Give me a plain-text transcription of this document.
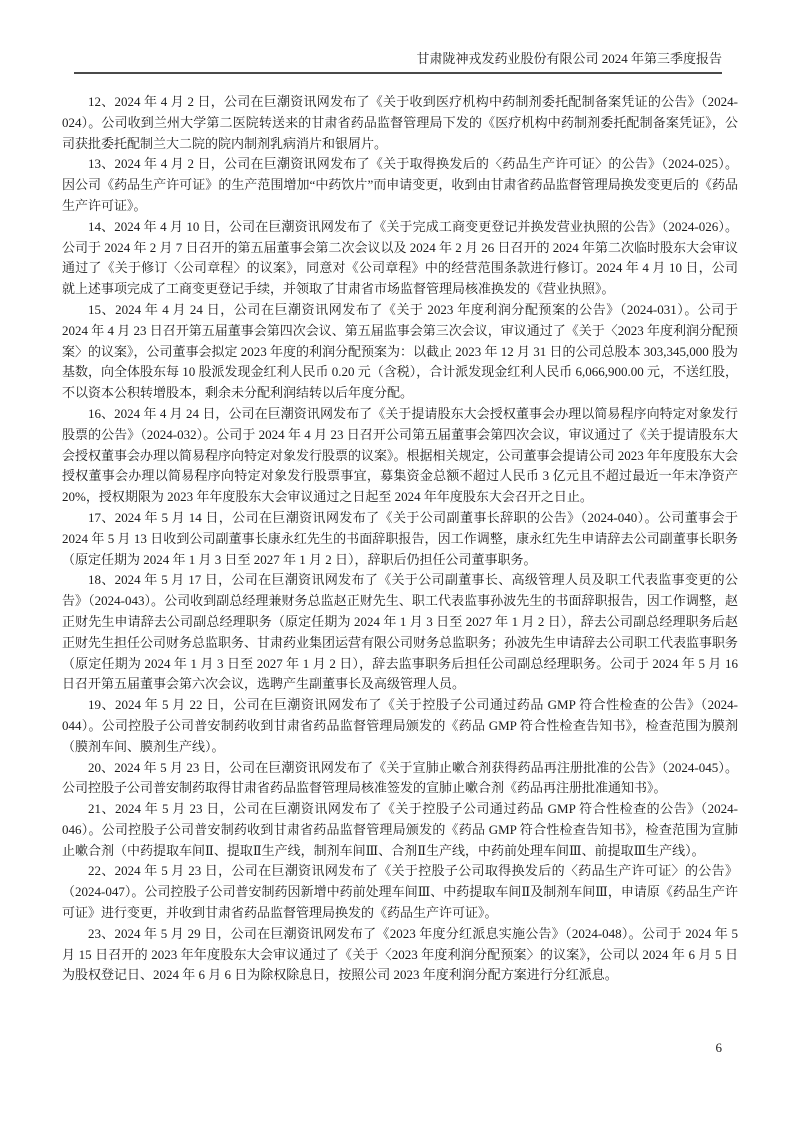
甘肃陇神戎发药业股份有限公司 2024 年第三季度报告

12、2024 年 4 月 2 日，公司在巨潮资讯网发布了《关于收到医疗机构中药制剂委托配制备案凭证的公告》（2024-024）。公司收到兰州大学第二医院转送来的甘肃省药品监督管理局下发的《医疗机构中药制剂委托配制备案凭证》，公司获批委托配制兰大二院的院内制剂乳病消片和银屑片。

13、2024 年 4 月 2 日，公司在巨潮资讯网发布了《关于取得换发后的〈药品生产许可证〉的公告》（2024-025）。因公司《药品生产许可证》的生产范围增加“中药饮片”而申请变更，收到由甘肃省药品监督管理局换发变更后的《药品生产许可证》。

14、2024 年 4 月 10 日，公司在巨潮资讯网发布了《关于完成工商变更登记并换发营业执照的公告》（2024-026）。公司于 2024 年 2 月 7 日召开的第五届董事会第二次会议以及 2024 年 2 月 26 日召开的 2024 年第二次临时股东大会审议通过了《关于修订〈公司章程〉的议案》，同意对《公司章程》中的经营范围条款进行修订。2024 年 4 月 10 日，公司就上述事项完成了工商变更登记手续，并领取了甘肃省市场监督管理局核准换发的《营业执照》。

15、2024 年 4 月 24 日，公司在巨潮资讯网发布了《关于 2023 年度利润分配预案的公告》（2024-031）。公司于 2024 年 4 月 23 日召开第五届董事会第四次会议、第五届监事会第三次会议，审议通过了《关于〈2023 年度利润分配预案〉的议案》，公司董事会拟定 2023 年度的利润分配预案为：以截止 2023 年 12 月 31 日的公司总股本 303,345,000 股为基数，向全体股东每 10 股派发现金红利人民币 0.20 元（含税），合计派发现金红利人民币 6,066,900.00 元，不送红股，不以资本公积转增股本，剩余未分配利润结转以后年度分配。

16、2024 年 4 月 24 日，公司在巨潮资讯网发布了《关于提请股东大会授权董事会办理以简易程序向特定对象发行股票的公告》（2024-032）。公司于 2024 年 4 月 23 日召开公司第五届董事会第四次会议，审议通过了《关于提请股东大会授权董事会办理以简易程序向特定对象发行股票的议案》。根据相关规定，公司董事会提请公司 2023 年年度股东大会授权董事会办理以简易程序向特定对象发行股票事宜，募集资金总额不超过人民币 3 亿元且不超过最近一年末净资产 20%，授权期限为 2023 年年度股东大会审议通过之日起至 2024 年年度股东大会召开之日止。

17、2024 年 5 月 14 日，公司在巨潮资讯网发布了《关于公司副董事长辞职的公告》（2024-040）。公司董事会于 2024 年 5 月 13 日收到公司副董事长康永红先生的书面辞职报告，因工作调整，康永红先生申请辞去公司副董事长职务（原定任期为 2024 年 1 月 3 日至 2027 年 1 月 2 日），辞职后仍担任公司董事职务。

18、2024 年 5 月 17 日，公司在巨潮资讯网发布了《关于公司副董事长、高级管理人员及职工代表监事变更的公告》（2024-043）。公司收到副总经理兼财务总监赵正财先生、职工代表监事孙波先生的书面辞职报告，因工作调整，赵正财先生申请辞去公司副总经理职务（原定任期为 2024 年 1 月 3 日至 2027 年 1 月 2 日），辞去公司副总经理职务后赵正财先生担任公司财务总监职务、甘肃药业集团运营有限公司财务总监职务；孙波先生申请辞去公司职工代表监事职务（原定任期为 2024 年 1 月 3 日至 2027 年 1 月 2 日），辞去监事职务后担任公司副总经理职务。公司于 2024 年 5 月 16 日召开第五届董事会第六次会议，选聘产生副董事长及高级管理人员。

19、2024 年 5 月 22 日，公司在巨潮资讯网发布了《关于控股子公司通过药品 GMP 符合性检查的公告》（2024-044）。公司控股子公司普安制药收到甘肃省药品监督管理局颁发的《药品 GMP 符合性检查告知书》，检查范围为膜剂（膜剂车间、膜剂生产线）。

20、2024 年 5 月 23 日，公司在巨潮资讯网发布了《关于宣肺止嗽合剂获得药品再注册批准的公告》（2024-045）。公司控股子公司普安制药取得甘肃省药品监督管理局核准签发的宣肺止嗽合剂《药品再注册批准通知书》。

21、2024 年 5 月 23 日，公司在巨潮资讯网发布了《关于控股子公司通过药品 GMP 符合性检查的公告》（2024-046）。公司控股子公司普安制药收到甘肃省药品监督管理局颁发的《药品 GMP 符合性检查告知书》，检查范围为宣肺止嗽合剂（中药提取车间Ⅱ、提取Ⅱ生产线，制剂车间Ⅲ、合剂Ⅱ生产线，中药前处理车间Ⅲ、前提取Ⅲ生产线）。

22、2024 年 5 月 23 日，公司在巨潮资讯网发布了《关于控股子公司取得换发后的〈药品生产许可证〉的公告》（2024-047）。公司控股子公司普安制药因新增中药前处理车间Ⅲ、中药提取车间Ⅱ及制剂车间Ⅲ，申请原《药品生产许可证》进行变更，并收到甘肃省药品监督管理局换发的《药品生产许可证》。

23、2024 年 5 月 29 日，公司在巨潮资讯网发布了《2023 年度分红派息实施公告》（2024-048）。公司于 2024 年 5 月 15 日召开的 2023 年年度股东大会审议通过了《关于〈2023 年度利润分配预案〉的议案》，公司以 2024 年 6 月 5 日为股权登记日、2024 年 6 月 6 日为除权除息日，按照公司 2023 年度利润分配方案进行分红派息。

6
